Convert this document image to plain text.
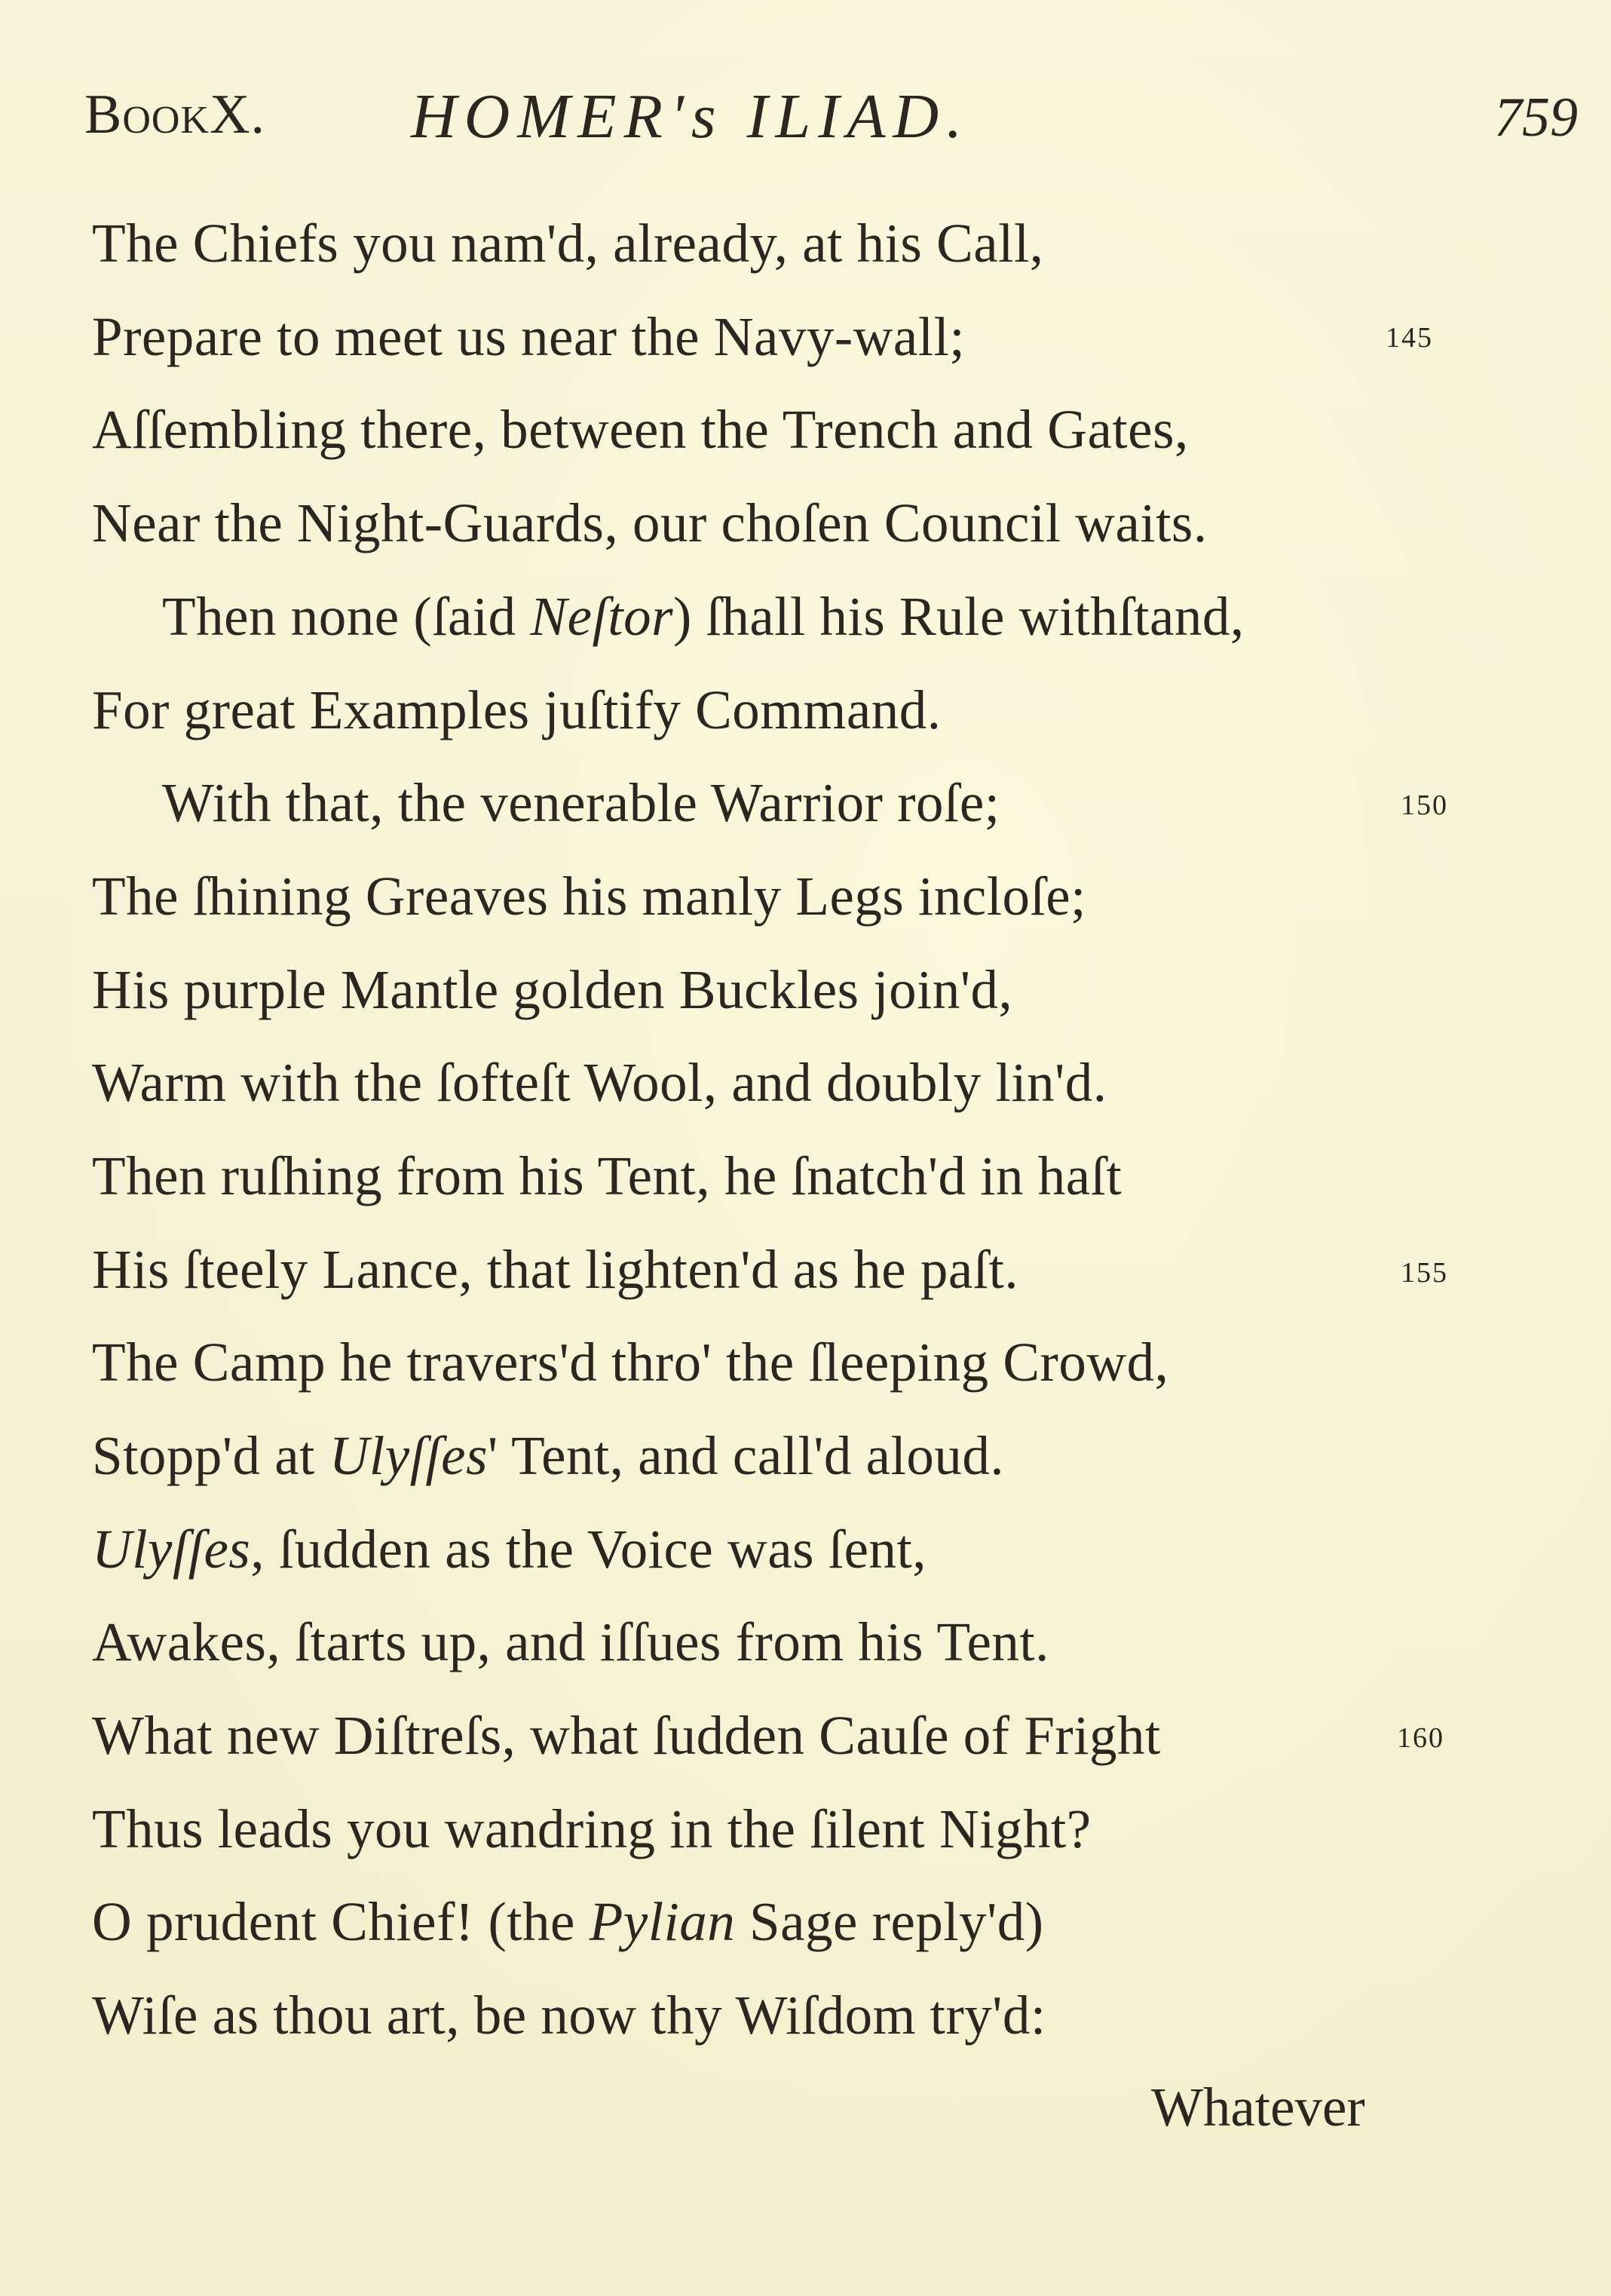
BookX. HOMER's ILIAD.	759
The Chiefs you nam'd, already, at his Call,
Prepare to meet us near the Navy-wall;	145
Aſſembling there, between the Trench and Gates,
Near the Night-Guards, our choſen Council waits.
Then none (ſaid Neſtor) ſhall his Rule withſtand,
For great Examples juſtify Command.
With that, the venerable Warrior roſe;	150
The ſhining Greaves his manly Legs incloſe;
His purple Mantle golden Buckles join'd,
Warm with the ſofteſt Wool, and doubly lin'd.
Then ruſhing from his Tent, he ſnatch'd in haſt
His ſteely Lance, that lighten'd as he paſt.	155
The Camp he travers'd thro' the ſleeping Crowd,
Stopp'd at Ulyſſes' Tent, and call'd aloud.
Ulyſſes, ſudden as the Voice was ſent,
Awakes, ſtarts up, and iſſues from his Tent.
What new Diſtreſs, what ſudden Cauſe of Fright	160
Thus leads you wandring in the ſilent Night?
O prudent Chief! (the Pylian Sage reply'd)
Wiſe as thou art, be now thy Wiſdom try'd:
Whatever
